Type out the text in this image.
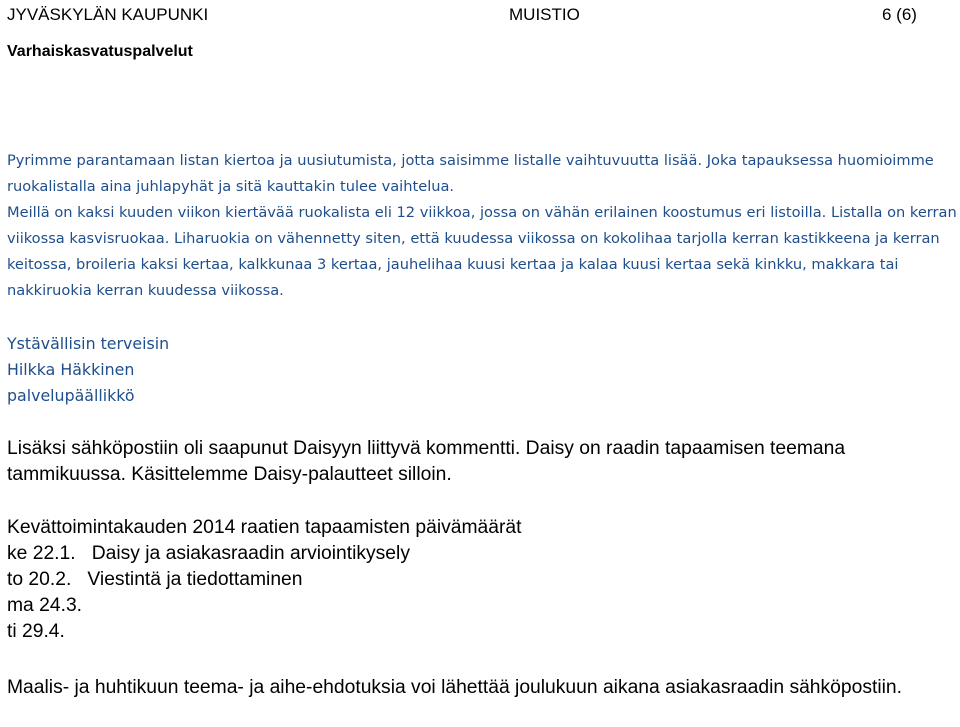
JYVÄSKYLÄN KAUPUNKI	MUISTIO	6 (6)
Varhaiskasvatuspalvelut

Pyrimme parantamaan listan kiertoa ja uusiutumista, jotta saisimme listalle vaihtuvuutta lisää. Joka tapauksessa huomioimme ruokalistalla aina juhlapyhät ja sitä kauttakin tulee vaihtelua.

Meillä on kaksi kuuden viikon kiertävää ruokalista eli 12 viikkoa, jossa on vähän erilainen koostumus eri listoilla. Listalla on kerran viikossa kasvisruokaa. Liharuokia on vähennetty siten, että kuudessa viikossa on kokolihaa tarjolla kerran kastikkeena ja kerran keitossa, broileria kaksi kertaa, kalkkunaa 3 kertaa, jauhelihaa kuusi kertaa ja kalaa kuusi kertaa sekä kinkku, makkara tai nakkiruokia kerran kuudessa viikossa.

Ystävällisin terveisin
Hilkka Häkkinen
palvelupäällikkö

Lisäksi sähköpostiin oli saapunut Daisyyn liittyvä kommentti. Daisy on raadin tapaamisen teemana tammikuussa. Käsittelemme Daisy-palautteet silloin.

Kevättoimintakauden 2014 raatien tapaamisten päivämäärät

ke 22.1. Daisy ja asiakasraadin arviointikysely
to 20.2. Viestintä ja tiedottaminen
ma 24.3.
ti 29.4.

Maalis- ja huhtikuun teema- ja aihe-ehdotuksia voi lähettää joulukuun aikana asiakasraadin sähköpostiin.
